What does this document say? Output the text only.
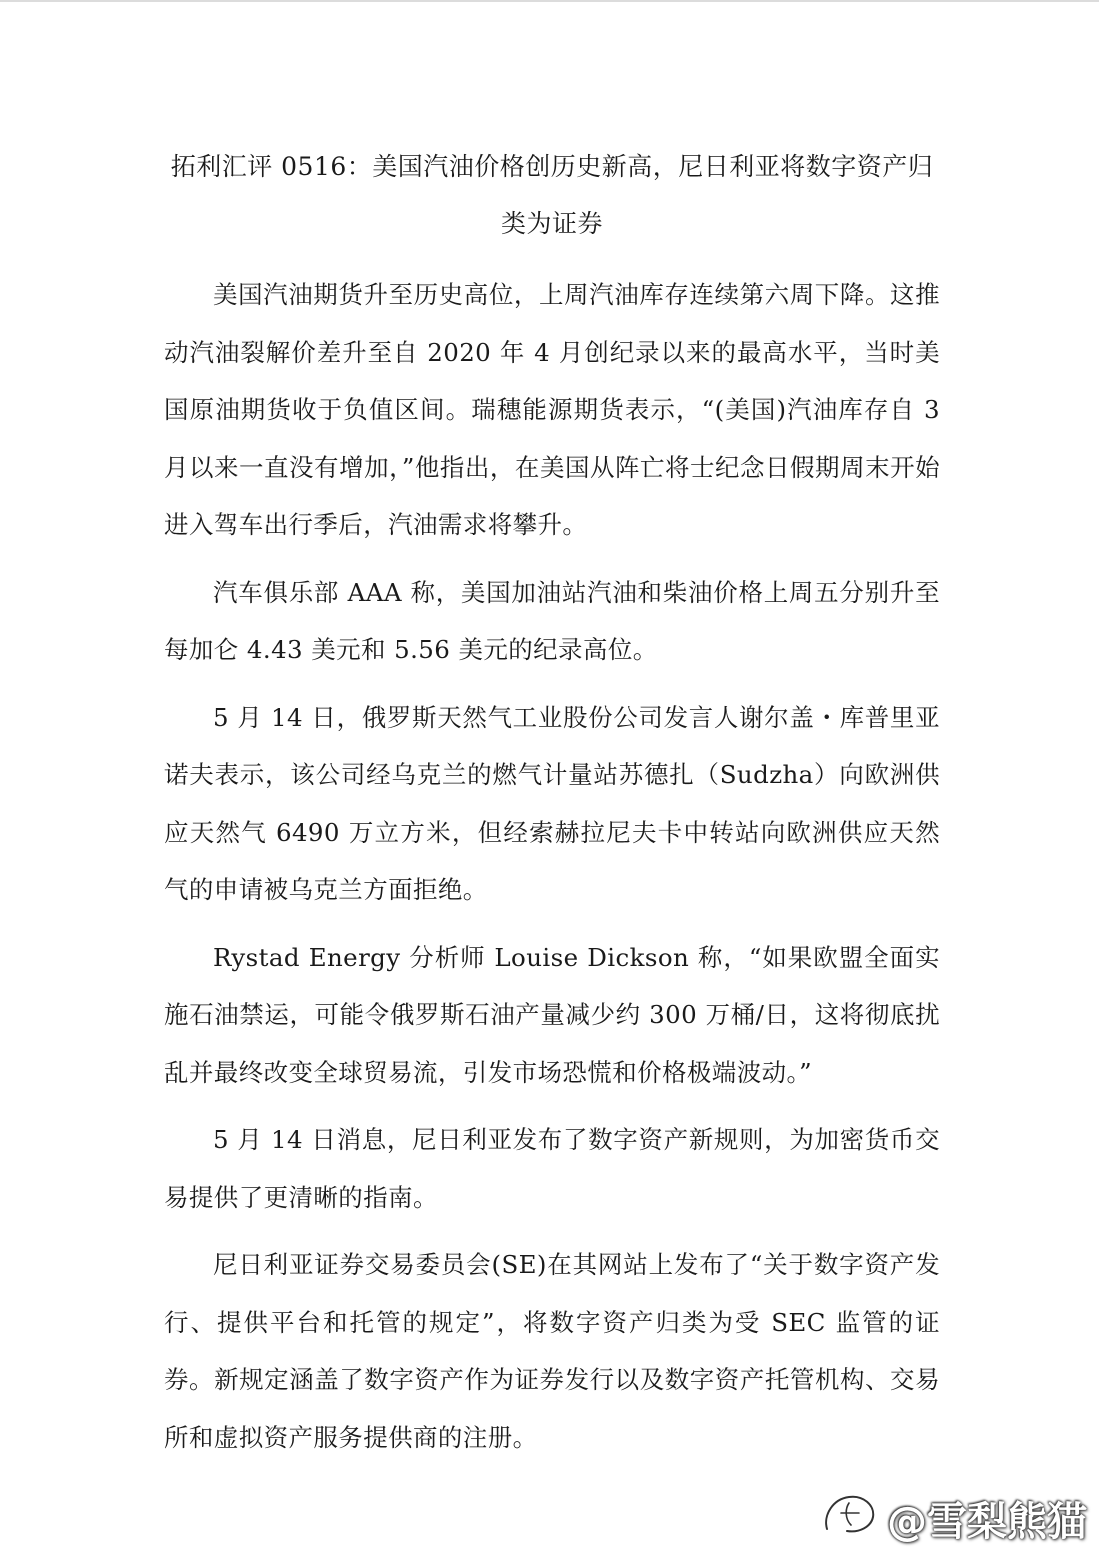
拓利汇评 0516：美国汽油价格创历史新高，尼日利亚将数字资产归类为证券

美国汽油期货升至历史高位，上周汽油库存连续第六周下降。这推动汽油裂解价差升至自 2020 年 4 月创纪录以来的最高水平，当时美国原油期货收于负值区间。瑞穗能源期货表示，“(美国)汽油库存自 3 月以来一直没有增加，”他指出，在美国从阵亡将士纪念日假期周末开始进入驾车出行季后，汽油需求将攀升。

汽车俱乐部 AAA 称，美国加油站汽油和柴油价格上周五分别升至每加仑 4.43 美元和 5.56 美元的纪录高位。

5 月 14 日，俄罗斯天然气工业股份公司发言人谢尔盖・库普里亚诺夫表示，该公司经乌克兰的燃气计量站苏德扎（Sudzha）向欧洲供应天然气 6490 万立方米，但经索赫拉尼夫卡中转站向欧洲供应天然气的申请被乌克兰方面拒绝。

Rystad Energy 分析师 Louise Dickson 称，“如果欧盟全面实施石油禁运，可能令俄罗斯石油产量减少约 300 万桶/日，这将彻底扰乱并最终改变全球贸易流，引发市场恐慌和价格极端波动。”

5 月 14 日消息，尼日利亚发布了数字资产新规则，为加密货币交易提供了更清晰的指南。

尼日利亚证券交易委员会(SE)在其网站上发布了“关于数字资产发行、提供平台和托管的规定”，将数字资产归类为受 SEC 监管的证券。新规定涵盖了数字资产作为证券发行以及数字资产托管机构、交易所和虚拟资产服务提供商的注册。

@雪梨熊猫
